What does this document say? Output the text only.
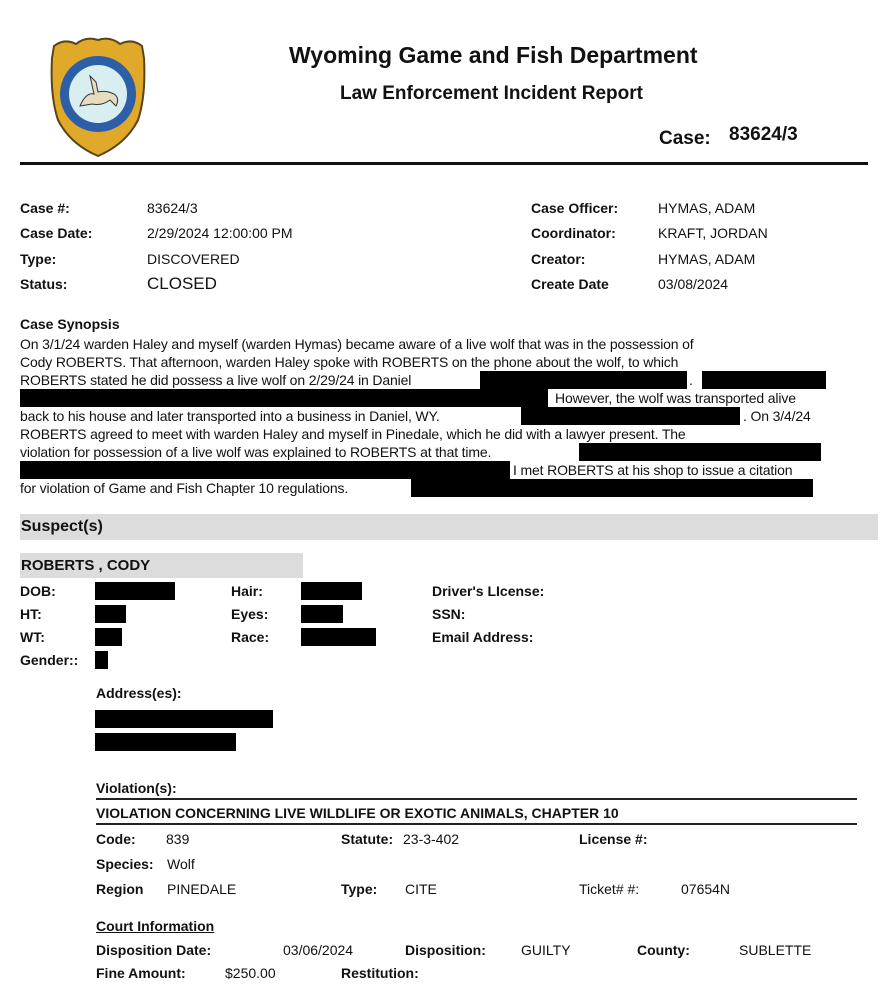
Wyoming Game and Fish Department
Law Enforcement Incident Report
Case: 83624/3
Case #:	83624/3
Case Date:	2/29/2024 12:00:00 PM
Type:	DISCOVERED
Status:	CLOSED
Case Officer:	HYMAS, ADAM
Coordinator:	KRAFT, JORDAN
Creator:	HYMAS, ADAM
Create Date	03/08/2024
Case Synopsis
On 3/1/24 warden Haley and myself (warden Hymas) became aware of a live wolf that was in the possession of
Cody ROBERTS. That afternoon, warden Haley spoke with ROBERTS on the phone about the wolf, to which
ROBERTS stated he did possess a live wolf on 2/29/24 in Daniel	.
However, the wolf was transported alive
back to his house and later transported into a business in Daniel, WY.	. On 3/4/24
ROBERTS agreed to meet with warden Haley and myself in Pinedale, which he did with a lawyer present. The
violation for possession of a live wolf was explained to ROBERTS at that time.
I met ROBERTS at his shop to issue a citation
for violation of Game and Fish Chapter 10 regulations.
Suspect(s)
ROBERTS , CODY
DOB:
HT:
WT:
Gender::
Hair:
Eyes:
Race:
Driver's LIcense:
SSN:
Email Address:
Address(es):
Violation(s):
VIOLATION CONCERNING LIVE WILDLIFE OR EXOTIC ANIMALS, CHAPTER 10
Code: 839	Statute: 23-3-402	License #:
Species: Wolf
Region PINEDALE	Type: CITE	Ticket# #:	07654N
Court Information
Disposition Date:	03/06/2024	Disposition:	GUILTY	County:	SUBLETTE
Fine Amount:	$250.00	Restitution:
